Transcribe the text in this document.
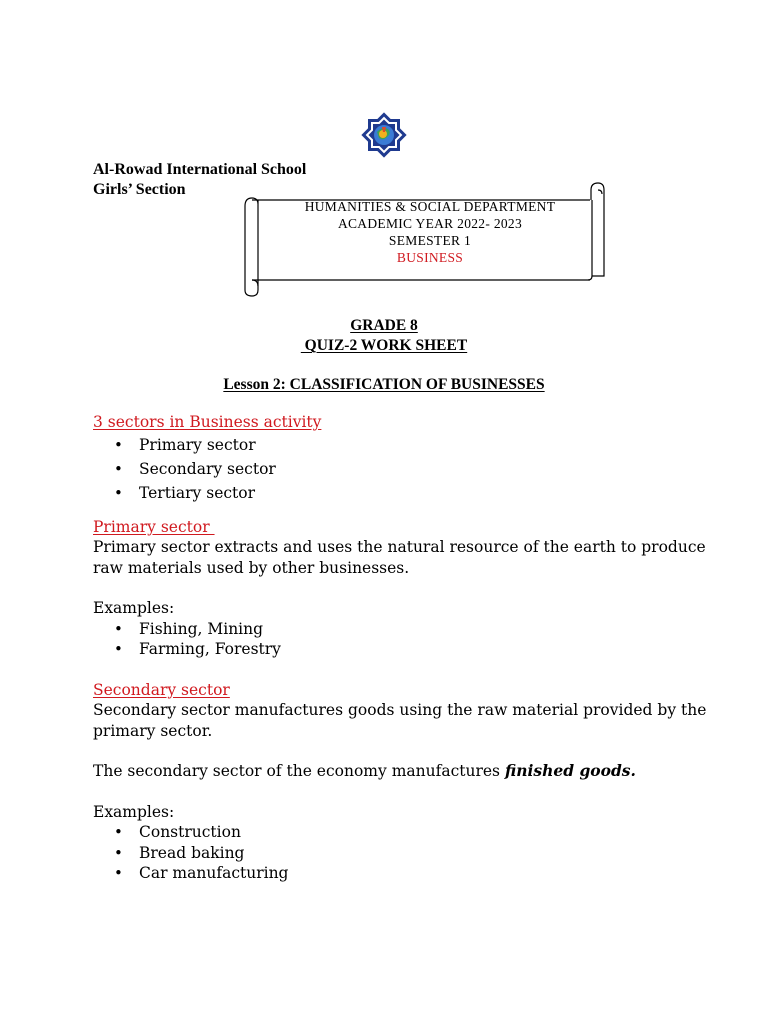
Al-Rowad International School
Girls’ Section
HUMANITIES & SOCIAL DEPARTMENT
ACADEMIC YEAR 2022- 2023
SEMESTER 1
BUSINESS
GRADE 8
QUIZ-2 WORK SHEET
Lesson 2: CLASSIFICATION OF BUSINESSES
3 sectors in Business activity
• Primary sector
• Secondary sector
• Tertiary sector
Primary sector

Primary sector extracts and uses the natural resource of the earth to produce raw materials used by other businesses.

Examples:

• Fishing, Mining
• Farming, Forestry
Secondary sector

Secondary sector manufactures goods using the raw material provided by the primary sector.

The secondary sector of the economy manufactures finished goods.

Examples:

• Construction
• Bread baking
• Car manufacturing
